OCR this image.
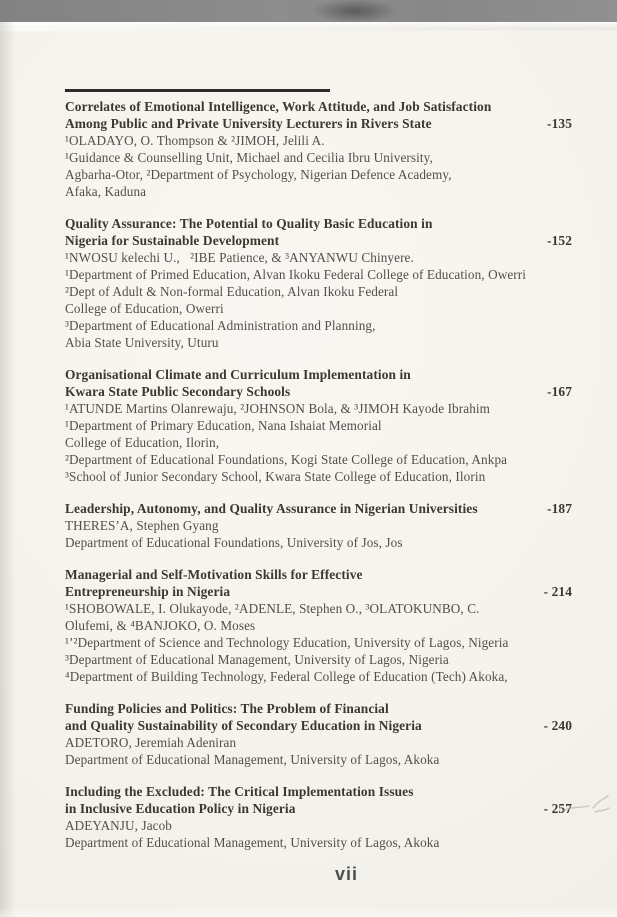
Correlates of Emotional Intelligence, Work Attitude, and Job Satisfaction
Among Public and Private University Lecturers in Rivers State	-135
¹OLADAYO, O. Thompson & ²JIMOH, Jelili A.
¹Guidance & Counselling Unit, Michael and Cecilia Ibru University,
Agbarha-Otor, ²Department of Psychology, Nigerian Defence Academy,
Afaka, Kaduna
Quality Assurance: The Potential to Quality Basic Education in
Nigeria for Sustainable Development	-152
¹NWOSU kelechi U.,   ²IBE Patience, & ³ANYANWU Chinyere.
¹Department of Primed Education, Alvan Ikoku Federal College of Education, Owerri
²Dept of Adult & Non-formal Education, Alvan Ikoku Federal
College of Education, Owerri
³Department of Educational Administration and Planning,
Abia State University, Uturu
Organisational Climate and Curriculum Implementation in
Kwara State Public Secondary Schools	-167
¹ATUNDE Martins Olanrewaju, ²JOHNSON Bola, & ³JIMOH Kayode Ibrahim
¹Department of Primary Education, Nana Ishaiat Memorial
College of Education, Ilorin,
²Department of Educational Foundations, Kogi State College of Education, Ankpa
³School of Junior Secondary School, Kwara State College of Education, Ilorin
Leadership, Autonomy, and Quality Assurance in Nigerian Universities	-187
THERESʼA, Stephen Gyang
Department of Educational Foundations, University of Jos, Jos
Managerial and Self-Motivation Skills for Effective
Entrepreneurship in Nigeria	- 214
¹SHOBOWALE, I. Olukayode, ²ADENLE, Stephen O., ³OLATOKUNBO, C.
Olufemi, & ⁴BANJOKO, O. Moses
¹’²Department of Science and Technology Education, University of Lagos, Nigeria
³Department of Educational Management, University of Lagos, Nigeria
⁴Department of Building Technology, Federal College of Education (Tech) Akoka,
Funding Policies and Politics: The Problem of Financial
and Quality Sustainability of Secondary Education in Nigeria	- 240
ADETORO, Jeremiah Adeniran
Department of Educational Management, University of Lagos, Akoka
Including the Excluded: The Critical Implementation Issues
in Inclusive Education Policy in Nigeria	- 257
ADEYANJU, Jacob
Department of Educational Management, University of Lagos, Akoka
vii
